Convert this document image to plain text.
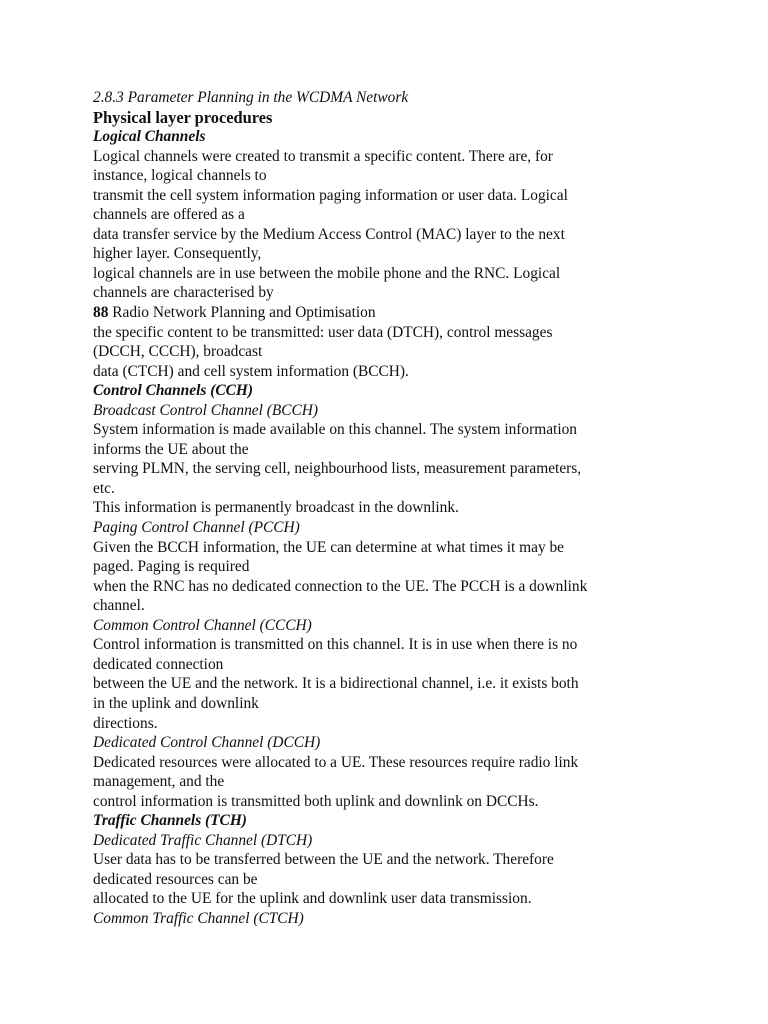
2.8.3 Parameter Planning in the WCDMA Network
Physical layer procedures
Logical Channels
Logical channels were created to transmit a specific content. There are, for
instance, logical channels to
transmit the cell system information paging information or user data. Logical
channels are offered as a
data transfer service by the Medium Access Control (MAC) layer to the next
higher layer. Consequently,
logical channels are in use between the mobile phone and the RNC. Logical
channels are characterised by
88 Radio Network Planning and Optimisation
the specific content to be transmitted: user data (DTCH), control messages
(DCCH, CCCH), broadcast
data (CTCH) and cell system information (BCCH).
Control Channels (CCH)
Broadcast Control Channel (BCCH)
System information is made available on this channel. The system information
informs the UE about the
serving PLMN, the serving cell, neighbourhood lists, measurement parameters,
etc.
This information is permanently broadcast in the downlink.
Paging Control Channel (PCCH)
Given the BCCH information, the UE can determine at what times it may be
paged. Paging is required
when the RNC has no dedicated connection to the UE. The PCCH is a downlink
channel.
Common Control Channel (CCCH)
Control information is transmitted on this channel. It is in use when there is no
dedicated connection
between the UE and the network. It is a bidirectional channel, i.e. it exists both
in the uplink and downlink
directions.
Dedicated Control Channel (DCCH)
Dedicated resources were allocated to a UE. These resources require radio link
management, and the
control information is transmitted both uplink and downlink on DCCHs.
Traffic Channels (TCH)
Dedicated Traffic Channel (DTCH)
User data has to be transferred between the UE and the network. Therefore
dedicated resources can be
allocated to the UE for the uplink and downlink user data transmission.
Common Traffic Channel (CTCH)
